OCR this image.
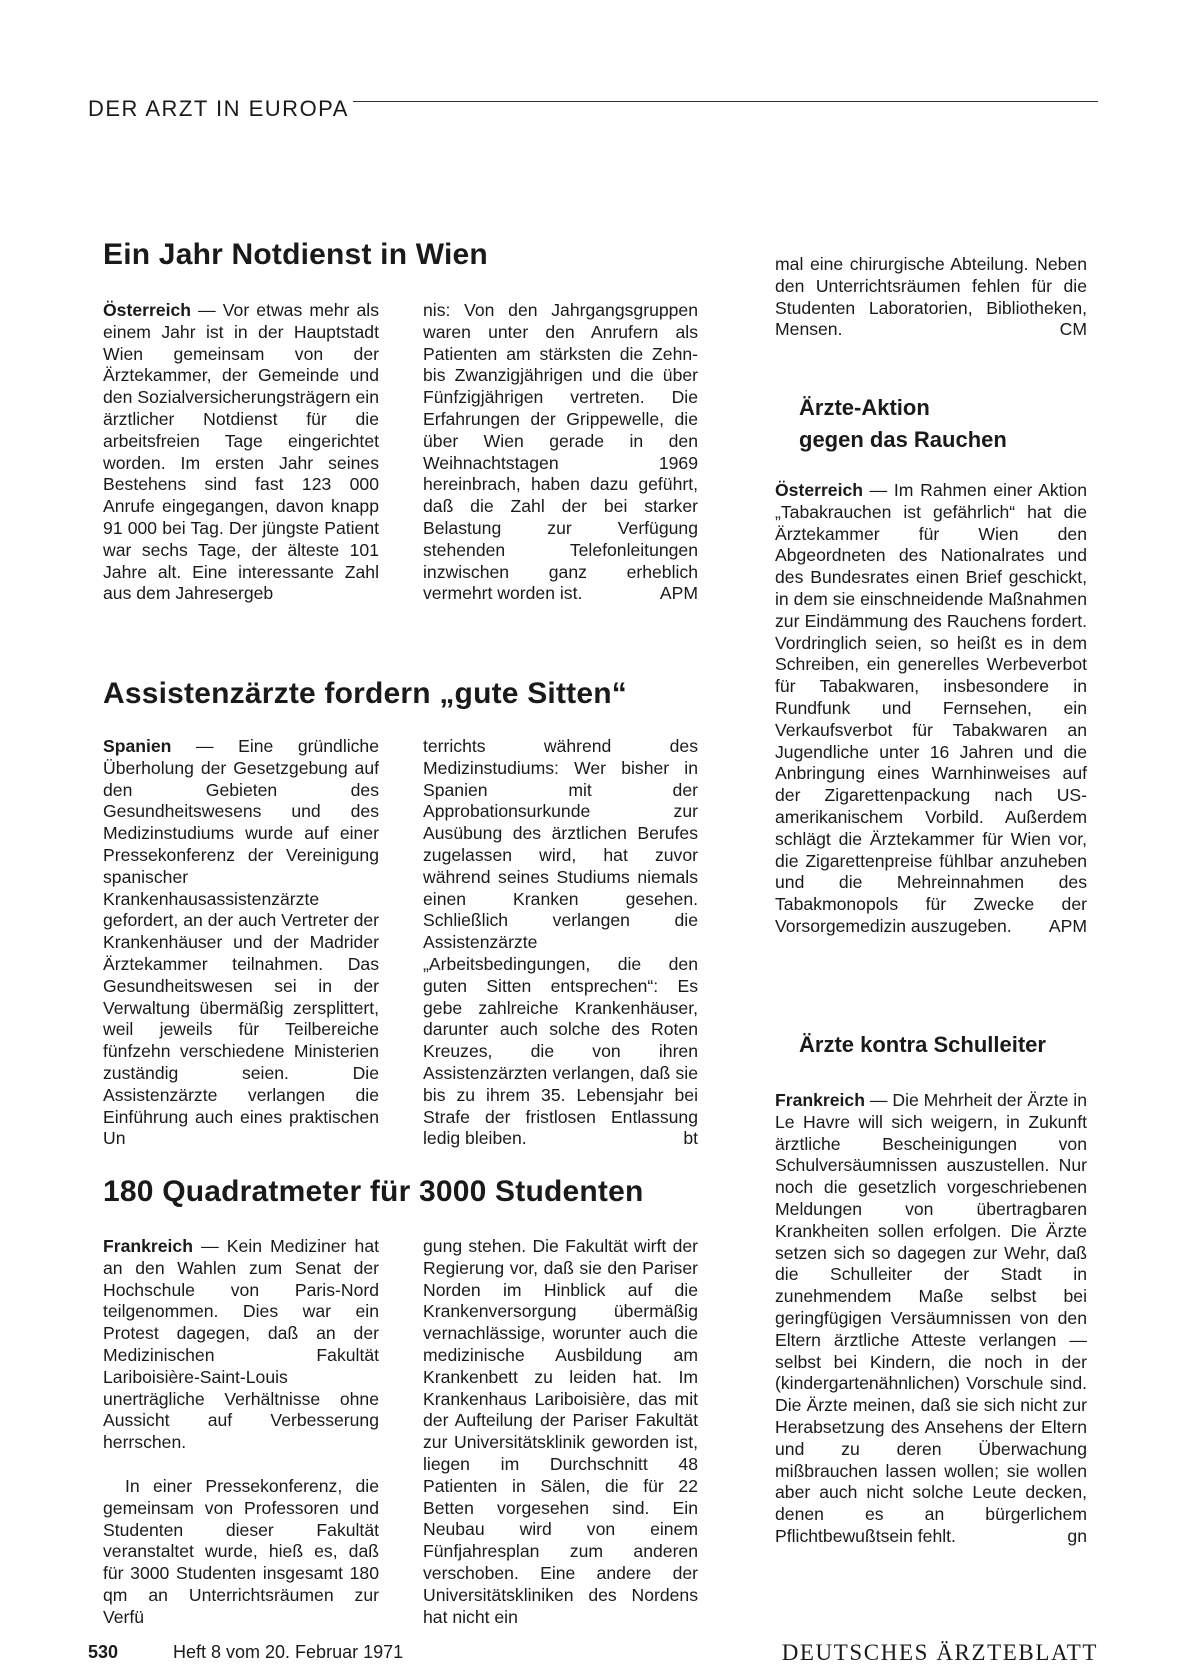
DER ARZT IN EUROPA
Ein Jahr Notdienst in Wien

Österreich — Vor etwas mehr als einem Jahr ist in der Hauptstadt Wien gemeinsam von der Ärztekammer, der Gemeinde und den Sozialversicherungsträgern ein ärztlicher Notdienst für die arbeitsfreien Tage eingerichtet worden. Im ersten Jahr seines Bestehens sind fast 123 000 Anrufe eingegangen, davon knapp 91 000 bei Tag. Der jüngste Patient war sechs Tage, der älteste 101 Jahre alt. Eine interessante Zahl aus dem Jahresergeb

nis: Von den Jahrgangsgruppen waren unter den Anrufern als Patienten am stärksten die Zehn- bis Zwanzigjährigen und die über Fünfzigjährigen vertreten. Die Erfahrungen der Grippewelle, die über Wien gerade in den Weihnachtstagen 1969 hereinbrach, haben dazu geführt, daß die Zahl der bei starker Belastung zur Verfügung stehenden Telefonleitungen inzwischen ganz erheblich vermehrt worden ist.	APM

Assistenzärzte fordern „gute Sitten“

Spanien — Eine gründliche Überholung der Gesetzgebung auf den Gebieten des Gesundheitswesens und des Medizinstudiums wurde auf einer Pressekonferenz der Vereinigung spanischer Krankenhausassistenzärzte gefordert, an der auch Vertreter der Krankenhäuser und der Madrider Ärztekammer teilnahmen. Das Gesundheitswesen sei in der Verwaltung übermäßig zersplittert, weil jeweils für Teilbereiche fünfzehn verschiedene Ministerien zuständig seien. Die Assistenzärzte verlangen die Einführung auch eines praktischen Un

terrichts während des Medizinstudiums: Wer bisher in Spanien mit der Approbationsurkunde zur Ausübung des ärztlichen Berufes zugelassen wird, hat zuvor während seines Studiums niemals einen Kranken gesehen. Schließlich verlangen die Assistenzärzte „Arbeitsbedingungen, die den guten Sitten entsprechen“: Es gebe zahlreiche Krankenhäuser, darunter auch solche des Roten Kreuzes, die von ihren Assistenzärzten verlangen, daß sie bis zu ihrem 35. Lebensjahr bei Strafe der fristlosen Entlassung ledig bleiben.	bt

180 Quadratmeter für 3000 Studenten

Frankreich — Kein Mediziner hat an den Wahlen zum Senat der Hochschule von Paris-Nord teilgenommen. Dies war ein Protest dagegen, daß an der Medizinischen Fakultät Lariboisière-Saint-Louis unerträgliche Verhältnisse ohne Aussicht auf Verbesserung herrschen.

In einer Pressekonferenz, die gemeinsam von Professoren und Studenten dieser Fakultät veranstaltet wurde, hieß es, daß für 3000 Studenten insgesamt 180 qm an Unterrichtsräumen zur Verfü

gung stehen. Die Fakultät wirft der Regierung vor, daß sie den Pariser Norden im Hinblick auf die Krankenversorgung übermäßig vernachlässige, worunter auch die medizinische Ausbildung am Krankenbett zu leiden hat. Im Krankenhaus Lariboisière, das mit der Aufteilung der Pariser Fakultät zur Universitätsklinik geworden ist, liegen im Durchschnitt 48 Patienten in Sälen, die für 22 Betten vorgesehen sind. Ein Neubau wird von einem Fünfjahresplan zum anderen verschoben. Eine andere der Universitätskliniken des Nordens hat nicht ein

mal eine chirurgische Abteilung. Neben den Unterrichtsräumen fehlen für die Studenten Laboratorien, Bibliotheken, Mensen.	CM

Ärzte-Aktion
gegen das Rauchen

Österreich — Im Rahmen einer Aktion „Tabakrauchen ist gefährlich“ hat die Ärztekammer für Wien den Abgeordneten des Nationalrates und des Bundesrates einen Brief geschickt, in dem sie einschneidende Maßnahmen zur Eindämmung des Rauchens fordert. Vordringlich seien, so heißt es in dem Schreiben, ein generelles Werbeverbot für Tabakwaren, insbesondere in Rundfunk und Fernsehen, ein Verkaufsverbot für Tabakwaren an Jugendliche unter 16 Jahren und die Anbringung eines Warnhinweises auf der Zigarettenpackung nach US-amerikanischem Vorbild. Außerdem schlägt die Ärztekammer für Wien vor, die Zigarettenpreise fühlbar anzuheben und die Mehreinnahmen des Tabakmonopols für Zwecke der Vorsorgemedizin auszugeben. APM

Ärzte kontra Schulleiter

Frankreich — Die Mehrheit der Ärzte in Le Havre will sich weigern, in Zukunft ärztliche Bescheinigungen von Schulversäumnissen auszustellen. Nur noch die gesetzlich vorgeschriebenen Meldungen von übertragbaren Krankheiten sollen erfolgen. Die Ärzte setzen sich so dagegen zur Wehr, daß die Schulleiter der Stadt in zunehmendem Maße selbst bei geringfügigen Versäumnissen von den Eltern ärztliche Atteste verlangen — selbst bei Kindern, die noch in der (kindergartenähnlichen) Vorschule sind. Die Ärzte meinen, daß sie sich nicht zur Herabsetzung des Ansehens der Eltern und zu deren Überwachung mißbrauchen lassen wollen; sie wollen aber auch nicht solche Leute decken, denen es an bürgerlichem Pflichtbewußtsein fehlt.	gn

530	Heft 8 vom 20. Februar 1971	DEUTSCHES ÄRZTEBLATT
